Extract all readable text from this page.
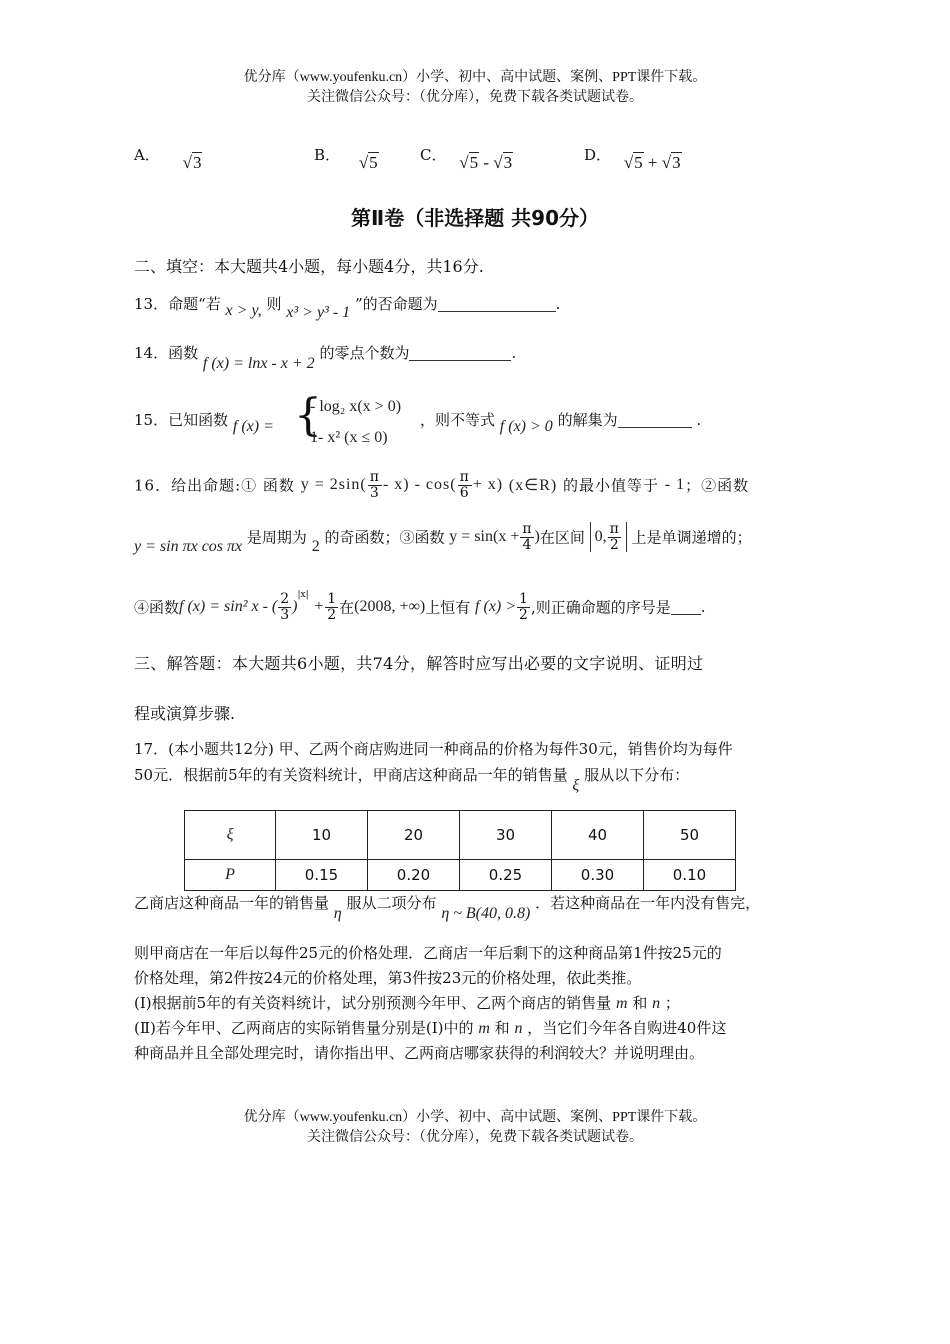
优分库（www.youfenku.cn）小学、初中、高中试题、案例、PPT课件下载。
关注微信公众号：（优分库），免费下载各类试题试卷。
A． √3	B． √5	C． √5 - √3	D． √5 + √3
第Ⅱ卷（非选择题 共90分）
二、填空：本大题共4小题，每小题4分，共16分.
13．命题“若 x > y, 则 x³ > y³ - 1 ”的否命题为	.
14．函数 f (x) = lnx - x + 2 的零点个数为	.
15．已知函数 f (x) = {
- log₂ x(x > 0)
1- x² (x ≤ 0)
，则不等式 f (x) > 0 的解集为	.
16．给出命题:① 函数 $y = 2\sin( \frac{\pi}{3} - x) - \cos( \frac{\pi}{6} + x)$ (x∈R) 的最小值等于 - 1；②函数
y = sin πx cos πx 是周期为 2 的奇函数；③函数 $y = \sin(x + \frac{\pi}{4}$ )在区间 0, $\frac{\pi}{2}$ 上是单调递增的；
④函数f (x) = sin² x - ( $\frac{2}{3} )^{|x|} + \frac{1}{2}$ 在(2008, +∞)上恒有 f $(x) > \frac{1}{2}$ ,则正确命题的序号是 .
三、解答题：本大题共6小题，共74分，解答时应写出必要的文字说明、证明过
程或演算步骤.
17．(本小题共12分) 甲、乙两个商店购进同一种商品的价格为每件30元，销售价均为每件
50元．根据前5年的有关资料统计，甲商店这种商品一年的销售量 ξ 服从以下分布：
ξ	10	20	30	40	50
P	0.15	0.20	0.25	0.30	0.10
乙商店这种商品一年的销售量 η 服从二项分布 η ~ B(40, 0.8) ．若这种商品在一年内没有售完，
则甲商店在一年后以每件25元的价格处理．乙商店一年后剩下的这种商品第1件按25元的
价格处理，第2件按24元的价格处理，第3件按23元的价格处理，依此类推。
(Ⅰ)根据前5年的有关资料统计，试分别预测今年甲、乙两个商店的销售量 m 和 n ；
(Ⅱ)若今年甲、乙两商店的实际销售量分别是(Ⅰ)中的 m 和 n ，当它们今年各自购进40件这
种商品并且全部处理完时，请你指出甲、乙两商店哪家获得的利润较大？并说明理由。
优分库（www.youfenku.cn）小学、初中、高中试题、案例、PPT课件下载。
关注微信公众号：（优分库），免费下载各类试题试卷。
